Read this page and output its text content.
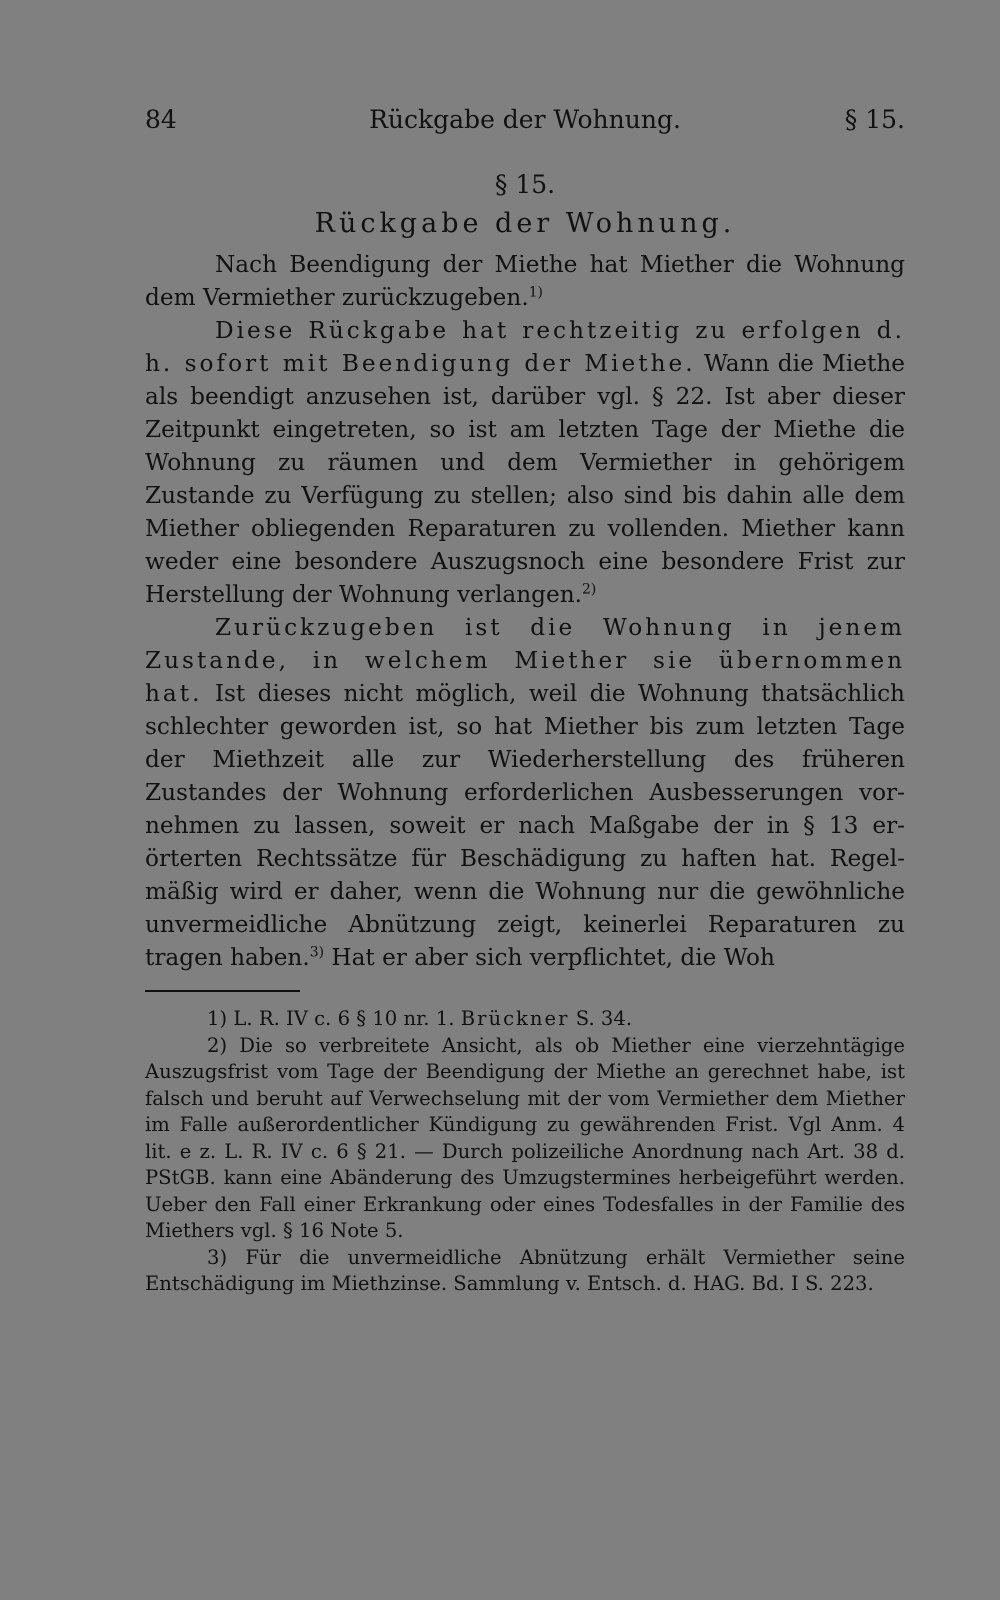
84	Rückgabe der Wohnung.	§ 15.
§ 15.
Rückgabe der Wohnung.

Nach Beendigung der Miethe hat Miether die Wohnung dem Vermiether zurückzugeben.$^{1)}$

Diese Rückgabe hat rechtzeitig zu erfolgen d. h. sofort mit Beendigung der Miethe. Wann die Miethe als beendigt anzusehen ist, darüber vgl. § 22. Ist aber dieser Zeitpunkt eingetreten, so ist am letzten Tage der Miethe die Wohnung zu räumen und dem Vermiether in gehörigem Zustande zu Verfügung zu stellen; also sind bis dahin alle dem Miether obliegenden Reparaturen zu vollenden. Miether kann weder eine besondere Auszugsnoch eine besondere Frist zur Herstellung der Wohnung verlangen.$^{2)}$

Zurückzugeben ist die Wohnung in jenem Zustande, in welchem Miether sie übernommen hat. Ist dieses nicht möglich, weil die Wohnung thatsächlich schlechter geworden ist, so hat Miether bis zum letzten Tage der Miethzeit alle zur Wiederherstellung des früheren Zustandes der Wohnung erforderlichen Ausbesserungen vornehmen zu lassen, soweit er nach Maßgabe der in § 13 erörterten Rechtssätze für Beschädigung zu haften hat. Regelmäßig wird er daher, wenn die Wohnung nur die gewöhnliche unvermeidliche Abnützung zeigt, keinerlei Reparaturen zu tragen haben.$^{3)}$ Hat er aber sich verpflichtet, die Woh

1) L. R. IV c. 6 § 10 nr. 1. Brückner S. 34.

2) Die so verbreitete Ansicht, als ob Miether eine vierzehntägige Auszugsfrist vom Tage der Beendigung der Miethe an gerechnet habe, ist falsch und beruht auf Verwechselung mit der vom Vermiether dem Miether im Falle außerordentlicher Kündigung zu gewährenden Frist. Vgl Anm. 4 lit. e z. L. R. IV c. 6 § 21. — Durch polizeiliche Anordnung nach Art. 38 d. PStGB. kann eine Abänderung des Umzugstermines herbeigeführt werden. Ueber den Fall einer Erkrankung oder eines Todesfalles in der Familie des Miethers vgl. § 16 Note 5.

3) Für die unvermeidliche Abnützung erhält Vermiether seine Entschädigung im Miethzinse. Sammlung v. Entsch. d. HAG. Bd. I S. 223.
